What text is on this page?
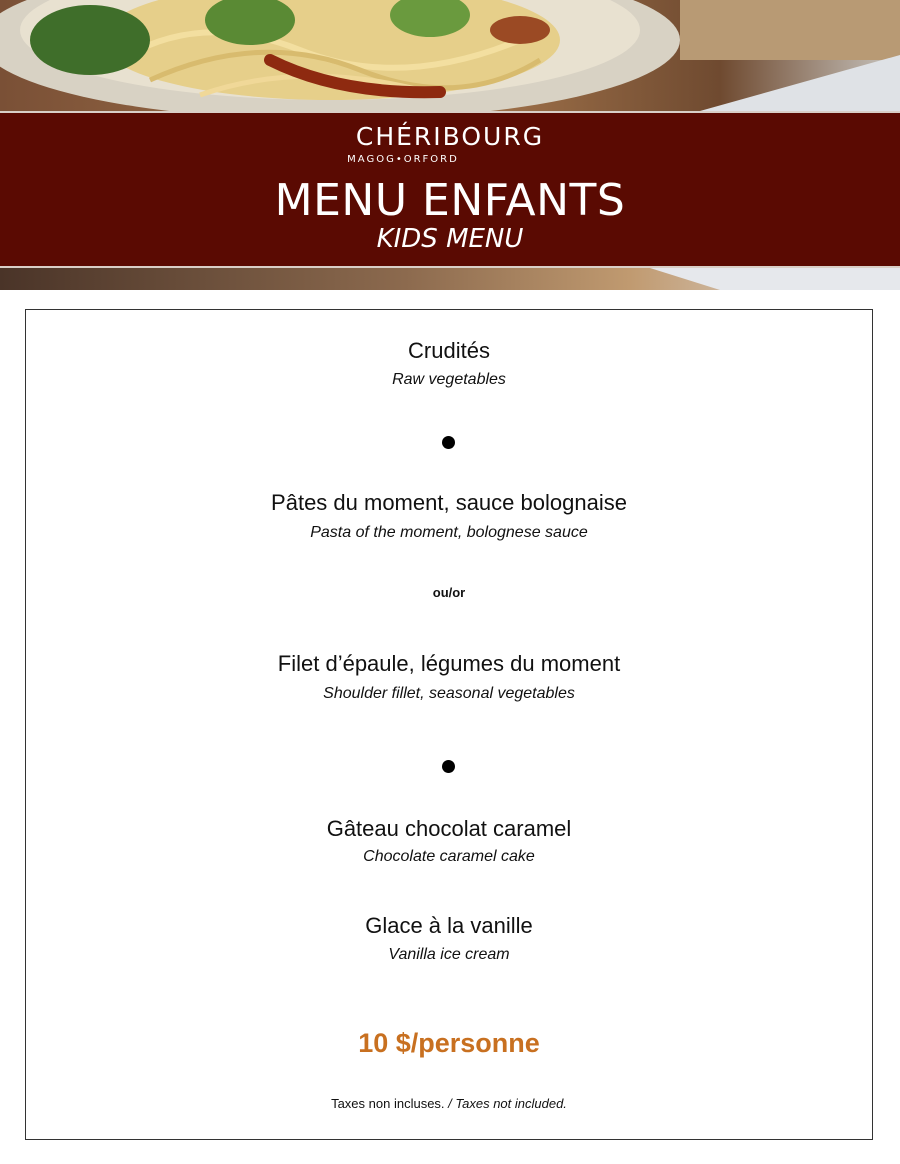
CHÉRIBOURG
MAGOG•ORFORD
MENU ENFANTS
KIDS MENU
Crudités
Raw vegetables
Pâtes du moment, sauce bolognaise
Pasta of the moment, bolognese sauce
ou/or
Filet d’épaule, légumes du moment
Shoulder fillet, seasonal vegetables
Gâteau chocolat caramel
Chocolate caramel cake
Glace à la vanille
Vanilla ice cream
10 $/personne
Taxes non incluses. / Taxes not included.
